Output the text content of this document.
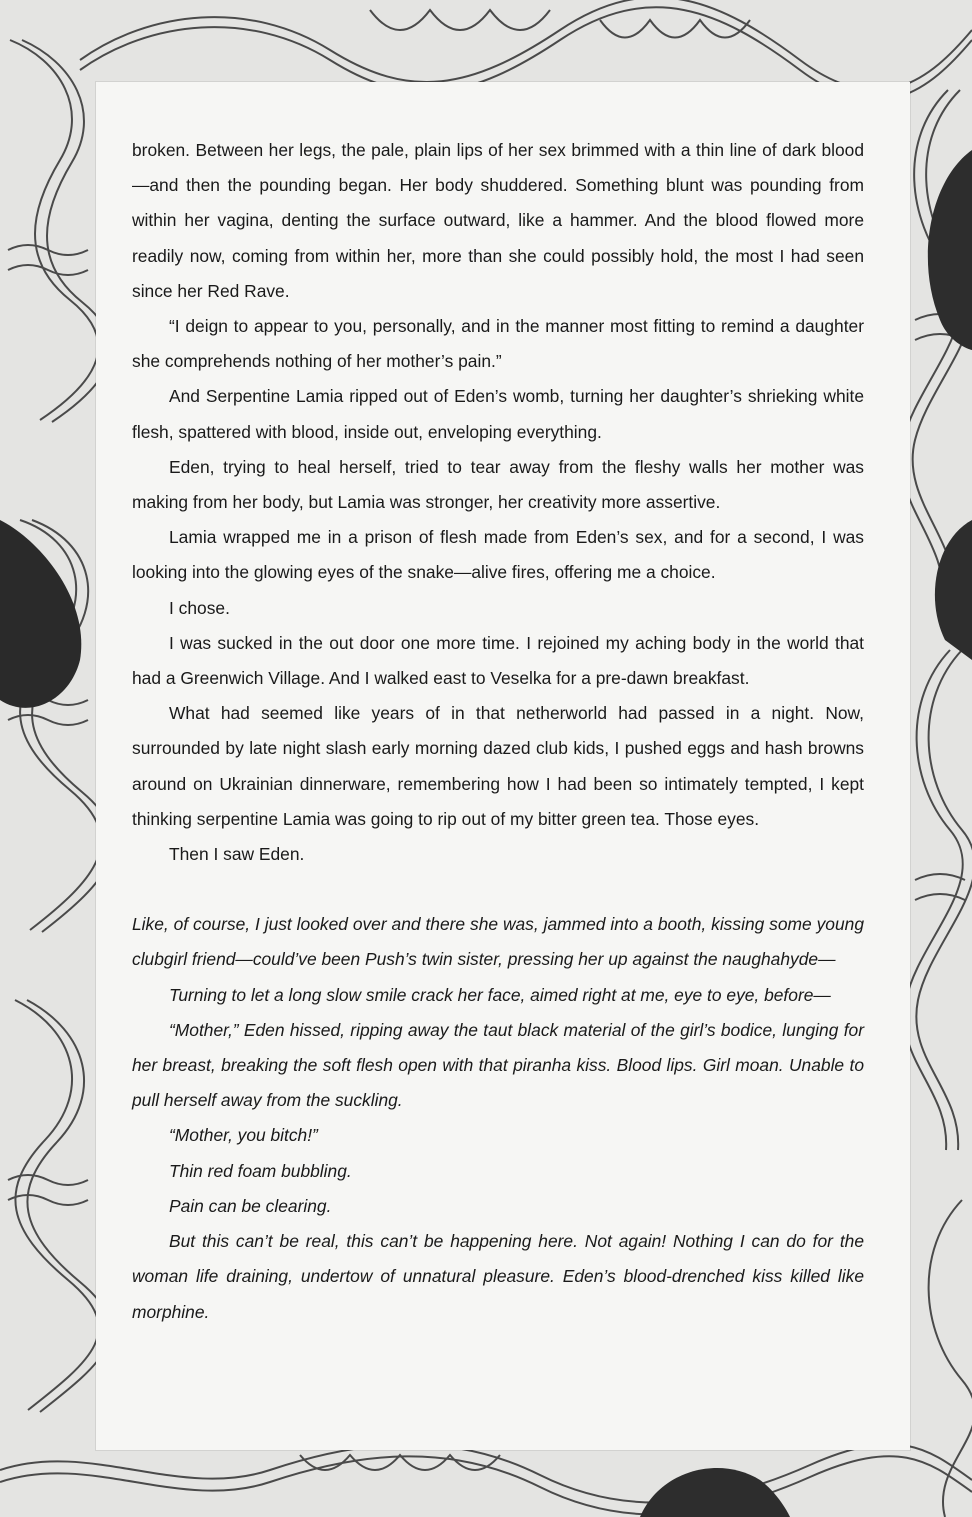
broken. Between her legs, the pale, plain lips of her sex brimmed with a thin line of dark blood—and then the pounding began. Her body shuddered. Something blunt was pounding from within her vagina, denting the surface outward, like a hammer. And the blood flowed more readily now, coming from within her, more than she could possibly hold, the most I had seen since her Red Rave.

“I deign to appear to you, personally, and in the manner most fitting to remind a daughter she comprehends nothing of her mother’s pain.”

And Serpentine Lamia ripped out of Eden’s womb, turning her daughter’s shrieking white flesh, spattered with blood, inside out, enveloping everything.

Eden, trying to heal herself, tried to tear away from the fleshy walls her mother was making from her body, but Lamia was stronger, her creativity more assertive.

Lamia wrapped me in a prison of flesh made from Eden’s sex, and for a second, I was looking into the glowing eyes of the snake—alive fires, offering me a choice.

I chose.

I was sucked in the out door one more time. I rejoined my aching body in the world that had a Greenwich Village. And I walked east to Veselka for a pre-dawn breakfast.

What had seemed like years of in that netherworld had passed in a night. Now, surrounded by late night slash early morning dazed club kids, I pushed eggs and hash browns around on Ukrainian dinnerware, remembering how I had been so intimately tempted, I kept thinking serpentine Lamia was going to rip out of my bitter green tea. Those eyes.

Then I saw Eden.

Like, of course, I just looked over and there she was, jammed into a booth, kissing some young clubgirl friend—could’ve been Push’s twin sister, pressing her up against the naughahyde—

Turning to let a long slow smile crack her face, aimed right at me, eye to eye, before—

“Mother,” Eden hissed, ripping away the taut black material of the girl’s bodice, lunging for her breast, breaking the soft flesh open with that piranha kiss. Blood lips. Girl moan. Unable to pull herself away from the suckling.

“Mother, you bitch!”

Thin red foam bubbling.

Pain can be clearing.

But this can’t be real, this can’t be happening here. Not again! Nothing I can do for the woman life draining, undertow of unnatural pleasure. Eden’s blood-drenched kiss killed like morphine.
